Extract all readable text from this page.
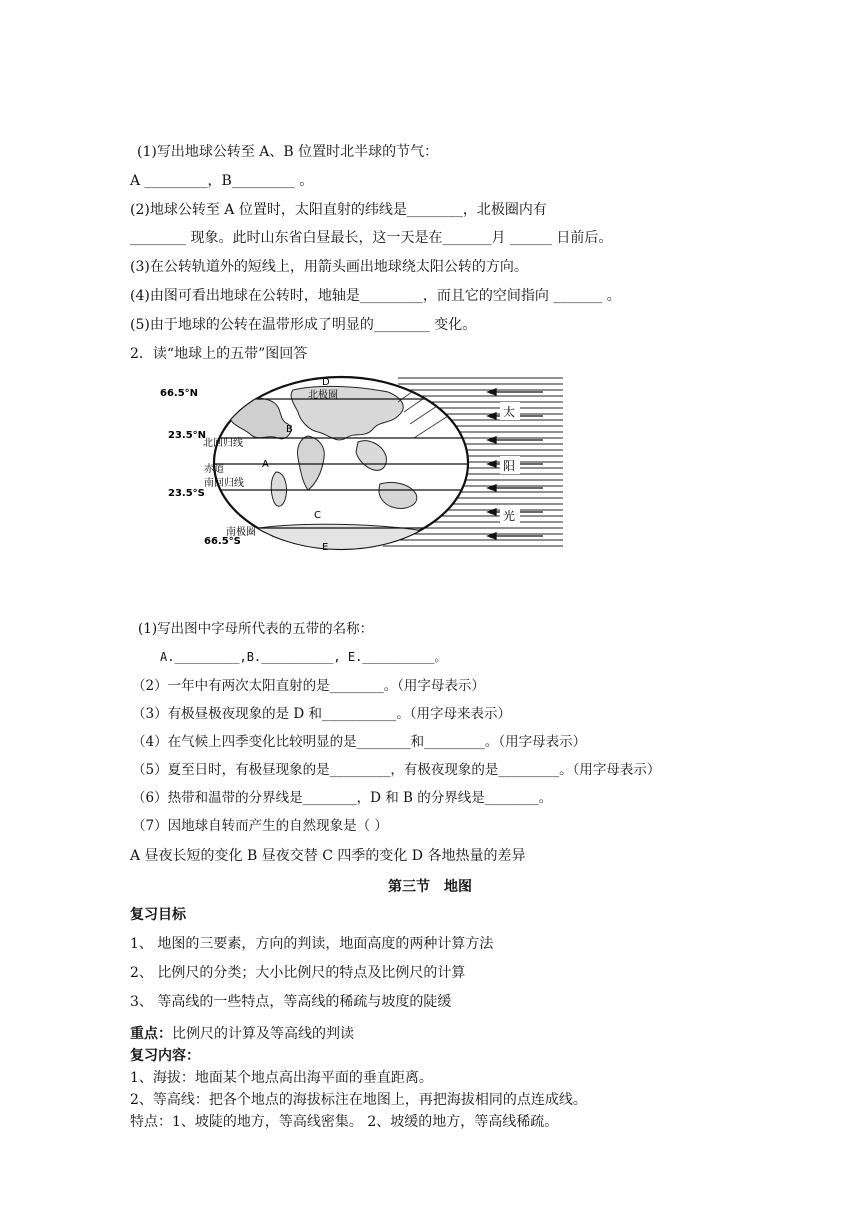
(1)写出地球公转至 A、B 位置时北半球的节气：
A _________，B_________ 。
(2)地球公转至 A 位置时，太阳直射的纬线是________，北极圈内有
________ 现象。此时山东省白昼最长，这一天是在_______月 ______ 日前后。
(3)在公转轨道外的短线上，用箭头画出地球绕太阳公转的方向。
(4)由图可看出地球在公转时，地轴是_________，而且它的空间指向 _______ 。
(5)由于地球的公转在温带形成了明显的________ 变化。
2．读“地球上的五带”图回答
太
阳
光
66.5°N
23.5°N
23.5°S
66.5°S
北极圈
北回归线
赤道
南回归线
南极圈
D
B
A
C
E
(1)写出图中字母所代表的五带的名称：
A._________,B.__________, E.__________。
（2）一年中有两次太阳直射的是________。（用字母表示）
（3）有极昼极夜现象的是 D 和___________。（用字母来表示）
（4）在气候上四季变化比较明显的是________和_________。（用字母表示）
（5）夏至日时，有极昼现象的是_________，有极夜现象的是_________。（用字母表示）
（6）热带和温带的分界线是________，D 和 B 的分界线是________。
（7）因地球自转而产生的自然现象是（ ）
A 昼夜长短的变化 B 昼夜交替 C 四季的变化 D 各地热量的差异
第三节　地图
复习目标
1、 地图的三要素，方向的判读，地面高度的两种计算方法
2、 比例尺的分类；大小比例尺的特点及比例尺的计算
3、 等高线的一些特点，等高线的稀疏与坡度的陡缓
重点：比例尺的计算及等高线的判读
复习内容：
1、海拔：地面某个地点高出海平面的垂直距离。
2、等高线：把各个地点的海拔标注在地图上，再把海拔相同的点连成线。
特点：1、坡陡的地方，等高线密集。 2、坡缓的地方，等高线稀疏。
